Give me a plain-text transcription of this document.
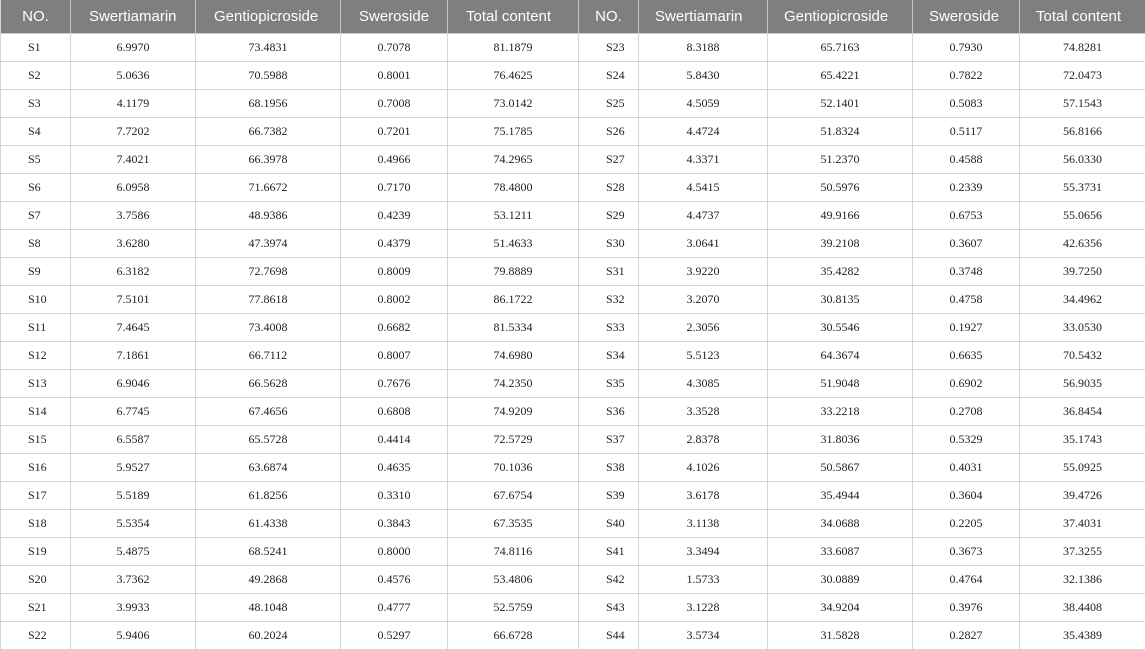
NO.	Swertiamarin	Gentiopicroside	Sweroside	Total content	NO.	Swertiamarin	Gentiopicroside	Sweroside	Total content
S1	6.9970	73.4831	0.7078	81.1879	S23	8.3188	65.7163	0.7930	74.8281
S2	5.0636	70.5988	0.8001	76.4625	S24	5.8430	65.4221	0.7822	72.0473
S3	4.1179	68.1956	0.7008	73.0142	S25	4.5059	52.1401	0.5083	57.1543
S4	7.7202	66.7382	0.7201	75.1785	S26	4.4724	51.8324	0.5117	56.8166
S5	7.4021	66.3978	0.4966	74.2965	S27	4.3371	51.2370	0.4588	56.0330
S6	6.0958	71.6672	0.7170	78.4800	S28	4.5415	50.5976	0.2339	55.3731
S7	3.7586	48.9386	0.4239	53.1211	S29	4.4737	49.9166	0.6753	55.0656
S8	3.6280	47.3974	0.4379	51.4633	S30	3.0641	39.2108	0.3607	42.6356
S9	6.3182	72.7698	0.8009	79.8889	S31	3.9220	35.4282	0.3748	39.7250
S10	7.5101	77.8618	0.8002	86.1722	S32	3.2070	30.8135	0.4758	34.4962
S11	7.4645	73.4008	0.6682	81.5334	S33	2.3056	30.5546	0.1927	33.0530
S12	7.1861	66.7112	0.8007	74.6980	S34	5.5123	64.3674	0.6635	70.5432
S13	6.9046	66.5628	0.7676	74.2350	S35	4.3085	51.9048	0.6902	56.9035
S14	6.7745	67.4656	0.6808	74.9209	S36	3.3528	33.2218	0.2708	36.8454
S15	6.5587	65.5728	0.4414	72.5729	S37	2.8378	31.8036	0.5329	35.1743
S16	5.9527	63.6874	0.4635	70.1036	S38	4.1026	50.5867	0.4031	55.0925
S17	5.5189	61.8256	0.3310	67.6754	S39	3.6178	35.4944	0.3604	39.4726
S18	5.5354	61.4338	0.3843	67.3535	S40	3.1138	34.0688	0.2205	37.4031
S19	5.4875	68.5241	0.8000	74.8116	S41	3.3494	33.6087	0.3673	37.3255
S20	3.7362	49.2868	0.4576	53.4806	S42	1.5733	30.0889	0.4764	32.1386
S21	3.9933	48.1048	0.4777	52.5759	S43	3.1228	34.9204	0.3976	38.4408
S22	5.9406	60.2024	0.5297	66.6728	S44	3.5734	31.5828	0.2827	35.4389
